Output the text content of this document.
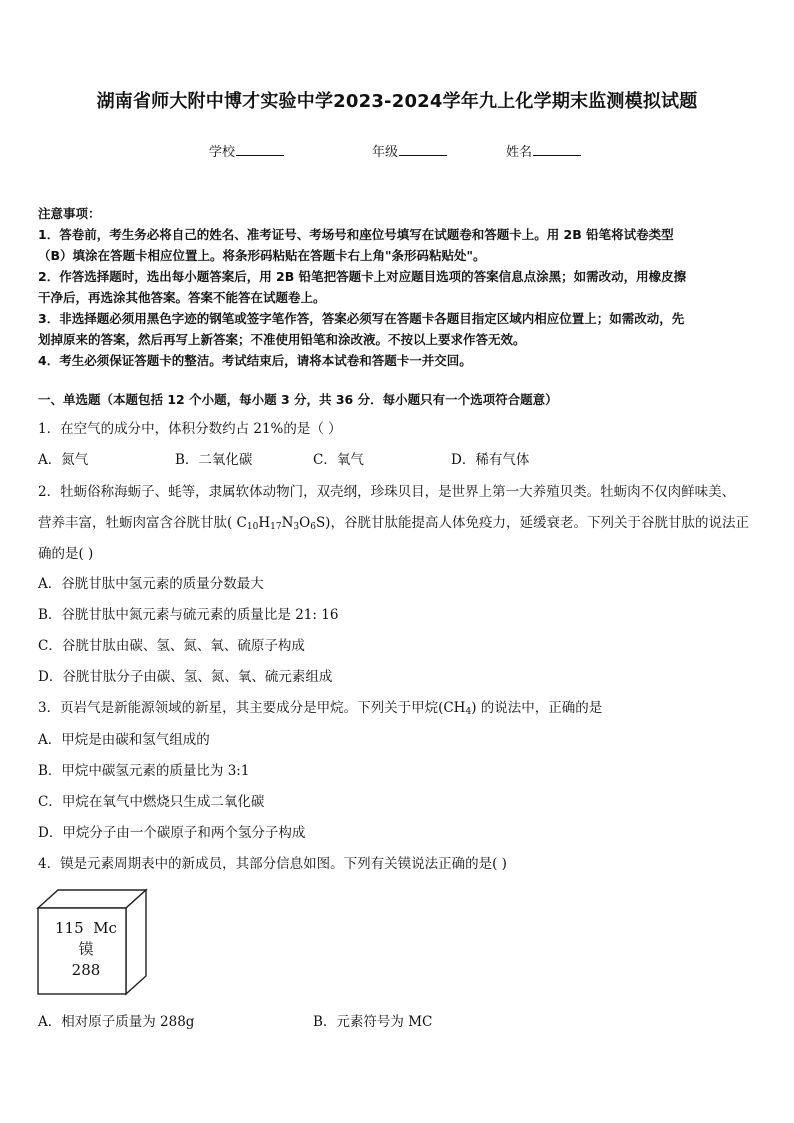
湖南省师大附中博才实验中学2023-2024学年九上化学期末监测模拟试题
学校	年级	姓名
注意事项：
1．答卷前，考生务必将自己的姓名、准考证号、考场号和座位号填写在试题卷和答题卡上。用 2B 铅笔将试卷类型
（B）填涂在答题卡相应位置上。将条形码粘贴在答题卡右上角"条形码粘贴处"。
2．作答选择题时，选出每小题答案后，用 2B 铅笔把答题卡上对应题目选项的答案信息点涂黑；如需改动，用橡皮擦
干净后，再选涂其他答案。答案不能答在试题卷上。
3．非选择题必须用黑色字迹的钢笔或签字笔作答，答案必须写在答题卡各题目指定区域内相应位置上；如需改动，先
划掉原来的答案，然后再写上新答案；不准使用铅笔和涂改液。不按以上要求作答无效。
4．考生必须保证答题卡的整洁。考试结束后，请将本试卷和答题卡一并交回。
一、单选题（本题包括 12 个小题，每小题 3 分，共 36 分．每小题只有一个选项符合题意）
1．在空气的成分中，体积分数约占 21%的是（ ）
A．氮气	B．二氧化碳	C．氧气	D．稀有气体
2．牡蛎俗称海蛎子、蚝等，隶属软体动物门，双壳纲，珍珠贝目，是世界上第一大养殖贝类。牡蛎肉不仅肉鲜味美、
营养丰富，牡蛎肉富含谷胱甘肽( $C_{10}H_{17}N_3O_6S$)，谷胱甘肽能提高人体免疫力，延缓衰老。下列关于谷胱甘肽的说法正
确的是( )
A．谷胱甘肽中氢元素的质量分数最大
B．谷胱甘肽中氮元素与硫元素的质量比是 21: 16
C．谷胱甘肽由碳、氢、氮、氧、硫原子构成
D．谷胱甘肽分子由碳、氢、氮、氧、硫元素组成
3．页岩气是新能源领域的新星，其主要成分是甲烷。下列关于甲烷$(CH_4)$ 的说法中，正确的是
A．甲烷是由碳和氢气组成的
B．甲烷中碳氢元素的质量比为 3:1
C．甲烷在氧气中燃烧只生成二氧化碳
D．甲烷分子由一个碳原子和两个氢分子构成
4．镆是元素周期表中的新成员，其部分信息如图。下列有关镆说法正确的是( )
115 Mc
镆
288
A．相对原子质量为 288g	B．元素符号为 MC
